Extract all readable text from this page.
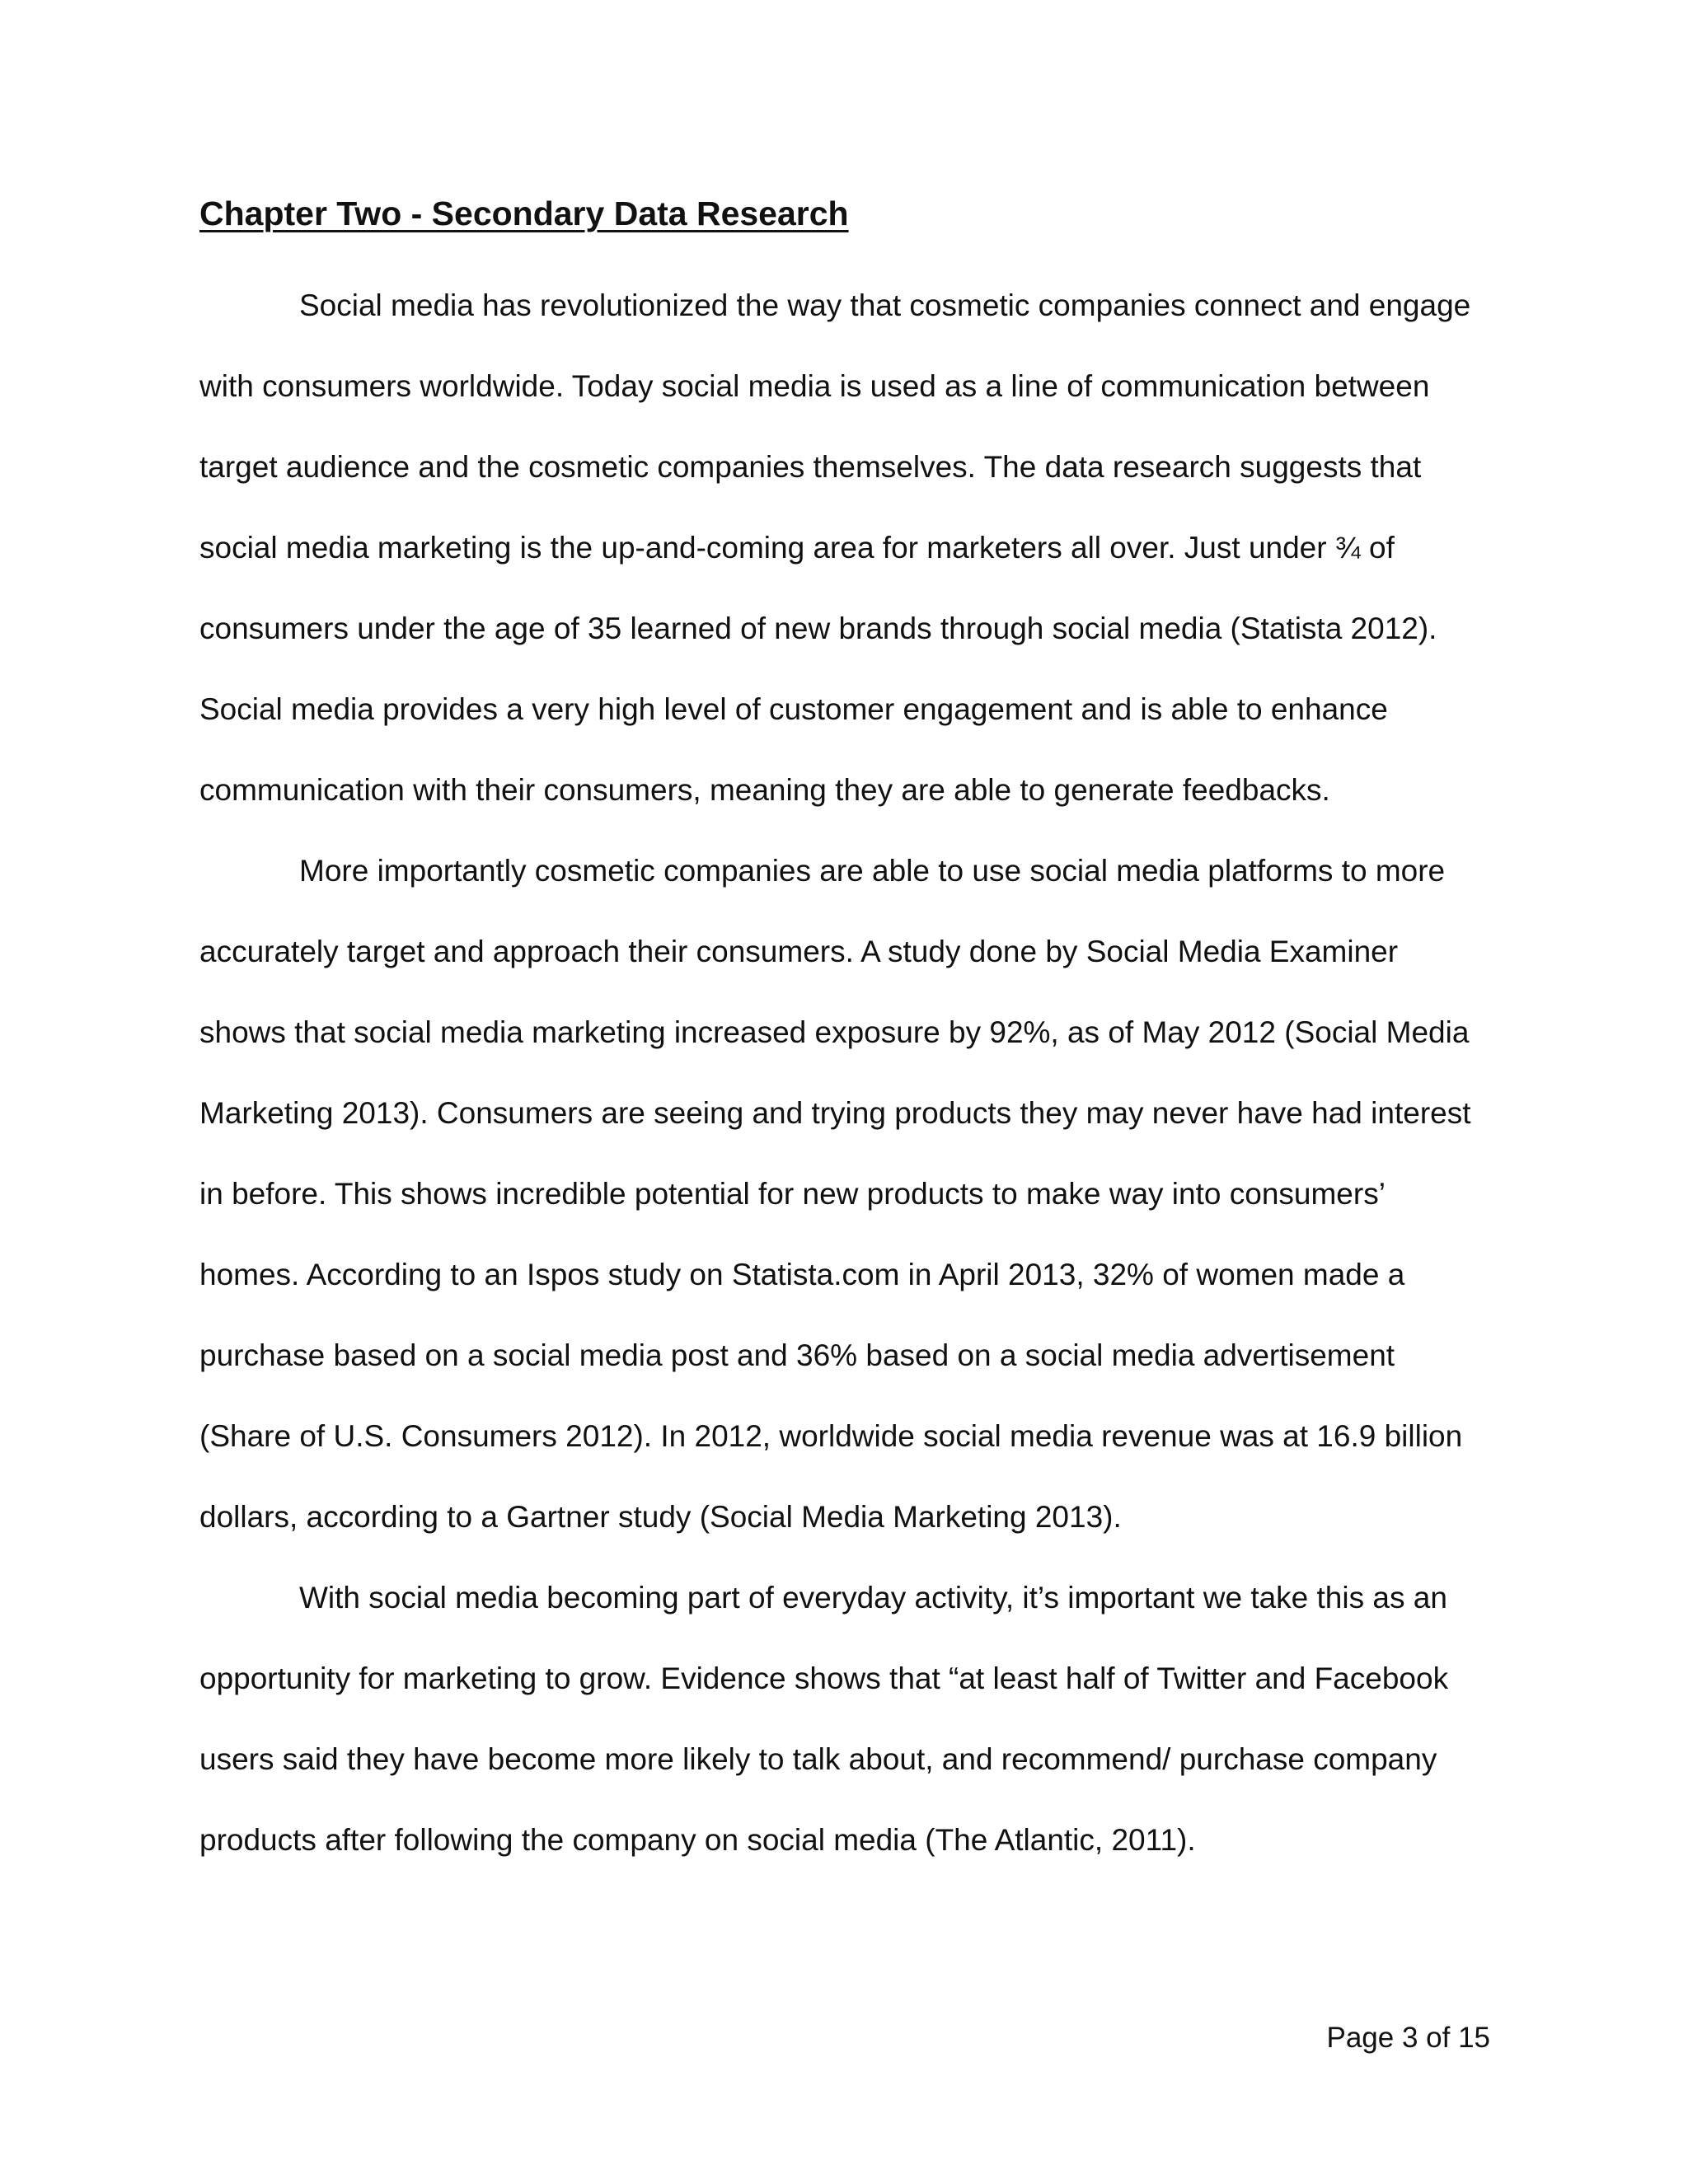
Chapter Two - Secondary Data Research

Social media has revolutionized the way that cosmetic companies connect and engage with consumers worldwide. Today social media is used as a line of communication between target audience and the cosmetic companies themselves. The data research suggests that social media marketing is the up-and-coming area for marketers all over. Just under ¾ of consumers under the age of 35 learned of new brands through social media (Statista 2012). Social media provides a very high level of customer engagement and is able to enhance communication with their consumers, meaning they are able to generate feedbacks.

More importantly cosmetic companies are able to use social media platforms to more accurately target and approach their consumers. A study done by Social Media Examiner shows that social media marketing increased exposure by 92%, as of May 2012 (Social Media Marketing 2013). Consumers are seeing and trying products they may never have had interest in before. This shows incredible potential for new products to make way into consumers’ homes. According to an Ispos study on Statista.com in April 2013, 32% of women made a purchase based on a social media post and 36% based on a social media advertisement (Share of U.S. Consumers 2012). In 2012, worldwide social media revenue was at 16.9 billion dollars, according to a Gartner study (Social Media Marketing 2013).

With social media becoming part of everyday activity, it’s important we take this as an opportunity for marketing to grow. Evidence shows that “at least half of Twitter and Facebook users said they have become more likely to talk about, and recommend/ purchase company products after following the company on social media (The Atlantic, 2011).

Page 3 of 15
